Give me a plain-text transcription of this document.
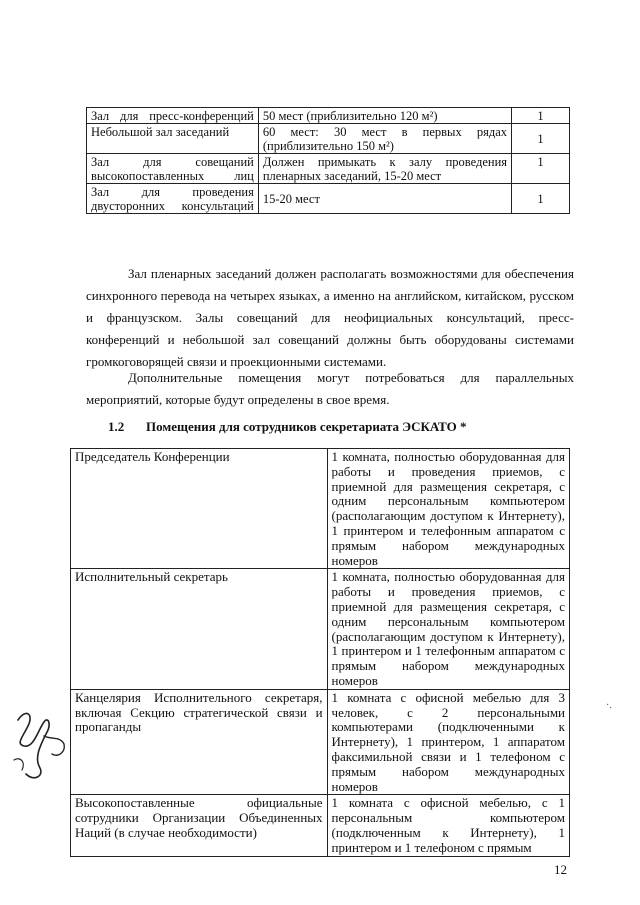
Зал для пресс-конференций	50 мест (приблизительно 120 м²)	1
Небольшой зал заседаний	60 мест: 30 мест в первых рядах (приблизительно 150 м²)	1
Зал для совещаний высокопоставленных лиц	Должен примыкать к залу проведения пленарных заседаний, 15-20 мест	1
Зал для проведения двусторонних консультаций	15-20 мест	1

Зал пленарных заседаний должен располагать возможностями для обеспечения синхронного перевода на четырех языках, а именно на английском, китайском, русском и французском. Залы совещаний для неофициальных консультаций, пресс-конференций и небольшой зал совещаний должны быть оборудованы системами громкоговорящей связи и проекционными системами.

Дополнительные помещения могут потребоваться для параллельных мероприятий, которые будут определены в свое время.

1.2 Помещения для сотрудников секретариата ЭСКАТО *
Председатель Конференции	1 комната, полностью оборудованная для работы и проведения приемов, с приемной для размещения секретаря, с одним персональным компьютером (располагающим доступом к Интернету), 1 принтером и телефонным аппаратом с прямым набором международных номеров
Исполнительный секретарь	1 комната, полностью оборудованная для работы и проведения приемов, с приемной для размещения секретаря, с одним персональным компьютером (располагающим доступом к Интернету), 1 принтером и 1 телефонным аппаратом с прямым набором международных номеров
Канцелярия Исполнительного секретаря, включая Секцию стратегической связи и пропаганды	1 комната с офисной мебелью для 3 человек, с 2 персональными компьютерами (подключенными к Интернету), 1 принтером, 1 аппаратом факсимильной связи и 1 телефоном с прямым набором международных номеров
Высокопоставленные официальные сотрудники Организации Объединенных Наций (в случае необходимости)	1 комната с офисной мебелью, с 1 персональным компьютером (подключенным к Интернету), 1 принтером и 1 телефоном с прямым
·.
12
